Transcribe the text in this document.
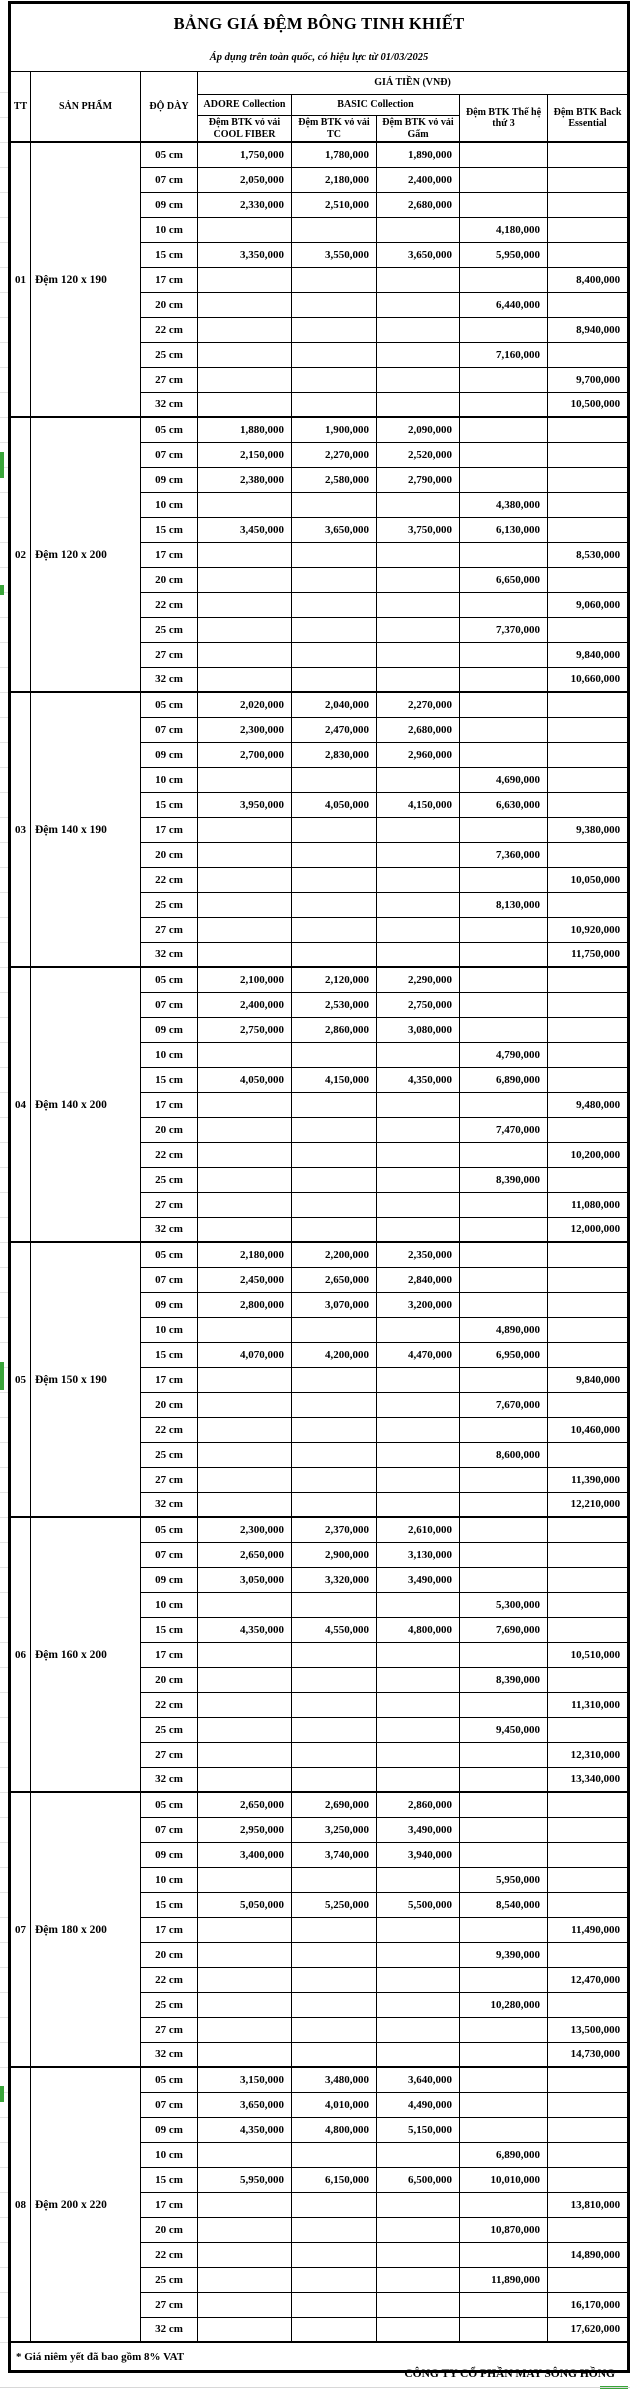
BẢNG GIÁ ĐỆM BÔNG TINH KHIẾT							
Áp dụng trên toàn quốc, có hiệu lực từ 01/03/2025							
TT	SẢN PHẨM	ĐỘ DÀY	GIÁ TIỀN (VNĐ)				
			ADORE Collection	BASIC Collection		Đệm BTK Thế hệ thứ 3	Đệm BTK Back Essential
			Đệm BTK vỏ vải COOL FIBER	Đệm BTK vỏ vải TC	Đệm BTK vỏ vải Gấm		
01	Đệm 120 x 190	05 cm	1,750,000	1,780,000	1,890,000		
		07 cm	2,050,000	2,180,000	2,400,000		
		09 cm	2,330,000	2,510,000	2,680,000		
		10 cm				4,180,000	
		15 cm	3,350,000	3,550,000	3,650,000	5,950,000	
		17 cm					8,400,000
		20 cm				6,440,000	
		22 cm					8,940,000
		25 cm				7,160,000	
		27 cm					9,700,000
		32 cm					10,500,000
02	Đệm 120 x 200	05 cm	1,880,000	1,900,000	2,090,000		
		07 cm	2,150,000	2,270,000	2,520,000		
		09 cm	2,380,000	2,580,000	2,790,000		
		10 cm				4,380,000	
		15 cm	3,450,000	3,650,000	3,750,000	6,130,000	
		17 cm					8,530,000
		20 cm				6,650,000	
		22 cm					9,060,000
		25 cm				7,370,000	
		27 cm					9,840,000
		32 cm					10,660,000
03	Đệm 140 x 190	05 cm	2,020,000	2,040,000	2,270,000		
		07 cm	2,300,000	2,470,000	2,680,000		
		09 cm	2,700,000	2,830,000	2,960,000		
		10 cm				4,690,000	
		15 cm	3,950,000	4,050,000	4,150,000	6,630,000	
		17 cm					9,380,000
		20 cm				7,360,000	
		22 cm					10,050,000
		25 cm				8,130,000	
		27 cm					10,920,000
		32 cm					11,750,000
04	Đệm 140 x 200	05 cm	2,100,000	2,120,000	2,290,000		
		07 cm	2,400,000	2,530,000	2,750,000		
		09 cm	2,750,000	2,860,000	3,080,000		
		10 cm				4,790,000	
		15 cm	4,050,000	4,150,000	4,350,000	6,890,000	
		17 cm					9,480,000
		20 cm				7,470,000	
		22 cm					10,200,000
		25 cm				8,390,000	
		27 cm					11,080,000
		32 cm					12,000,000
05	Đệm 150 x 190	05 cm	2,180,000	2,200,000	2,350,000		
		07 cm	2,450,000	2,650,000	2,840,000		
		09 cm	2,800,000	3,070,000	3,200,000		
		10 cm				4,890,000	
		15 cm	4,070,000	4,200,000	4,470,000	6,950,000	
		17 cm					9,840,000
		20 cm				7,670,000	
		22 cm					10,460,000
		25 cm				8,600,000	
		27 cm					11,390,000
		32 cm					12,210,000
06	Đệm 160 x 200	05 cm	2,300,000	2,370,000	2,610,000		
		07 cm	2,650,000	2,900,000	3,130,000		
		09 cm	3,050,000	3,320,000	3,490,000		
		10 cm				5,300,000	
		15 cm	4,350,000	4,550,000	4,800,000	7,690,000	
		17 cm					10,510,000
		20 cm				8,390,000	
		22 cm					11,310,000
		25 cm				9,450,000	
		27 cm					12,310,000
		32 cm					13,340,000
07	Đệm 180 x 200	05 cm	2,650,000	2,690,000	2,860,000		
		07 cm	2,950,000	3,250,000	3,490,000		
		09 cm	3,400,000	3,740,000	3,940,000		
		10 cm				5,950,000	
		15 cm	5,050,000	5,250,000	5,500,000	8,540,000	
		17 cm					11,490,000
		20 cm				9,390,000	
		22 cm					12,470,000
		25 cm				10,280,000	
		27 cm					13,500,000
		32 cm					14,730,000
08	Đệm 200 x 220	05 cm	3,150,000	3,480,000	3,640,000		
		07 cm	3,650,000	4,010,000	4,490,000		
		09 cm	4,350,000	4,800,000	5,150,000		
		10 cm				6,890,000	
		15 cm	5,950,000	6,150,000	6,500,000	10,010,000	
		17 cm					13,810,000
		20 cm				10,870,000	
		22 cm					14,890,000
		25 cm				11,890,000	
		27 cm					16,170,000
		32 cm					17,620,000
* Giá niêm yết đã bao gồm 8% VAT							
CÔNG TY CỔ PHẦN MAY SÔNG HỒNG
